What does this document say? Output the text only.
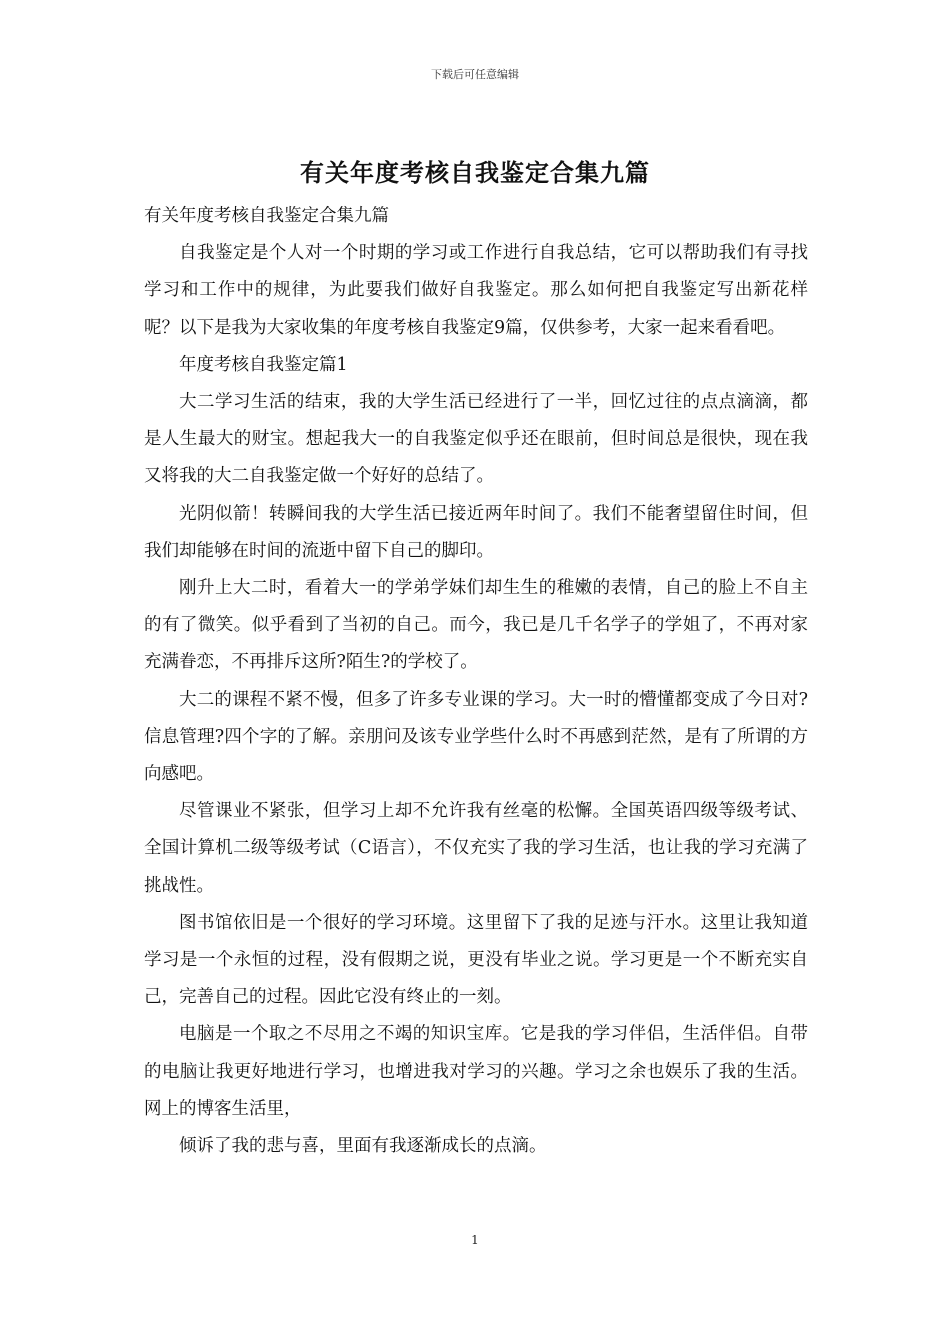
下载后可任意编辑
有关年度考核自我鉴定合集九篇

有关年度考核自我鉴定合集九篇

自我鉴定是个人对一个时期的学习或工作进行自我总结，它可以帮助我们有寻找学习和工作中的规律，为此要我们做好自我鉴定。那么如何把自我鉴定写出新花样呢？以下是我为大家收集的年度考核自我鉴定9篇，仅供参考，大家一起来看看吧。

年度考核自我鉴定篇1

大二学习生活的结束，我的大学生活已经进行了一半，回忆过往的点点滴滴，都是人生最大的财宝。想起我大一的自我鉴定似乎还在眼前，但时间总是很快，现在我又将我的大二自我鉴定做一个好好的总结了。

光阴似箭！转瞬间我的大学生活已接近两年时间了。我们不能奢望留住时间，但我们却能够在时间的流逝中留下自己的脚印。

刚升上大二时，看着大一的学弟学妹们却生生的稚嫩的表情，自己的脸上不自主的有了微笑。似乎看到了当初的自己。而今，我已是几千名学子的学姐了，不再对家充满眷恋，不再排斥这所?陌生?的学校了。

大二的课程不紧不慢，但多了许多专业课的学习。大一时的懵懂都变成了今日对?信息管理?四个字的了解。亲朋问及该专业学些什么时不再感到茫然，是有了所谓的方向感吧。

尽管课业不紧张，但学习上却不允许我有丝毫的松懈。全国英语四级等级考试、全国计算机二级等级考试（C语言），不仅充实了我的学习生活，也让我的学习充满了挑战性。

图书馆依旧是一个很好的学习环境。这里留下了我的足迹与汗水。这里让我知道学习是一个永恒的过程，没有假期之说，更没有毕业之说。学习更是一个不断充实自己，完善自己的过程。因此它没有终止的一刻。

电脑是一个取之不尽用之不竭的知识宝库。它是我的学习伴侣，生活伴侣。自带的电脑让我更好地进行学习，也增进我对学习的兴趣。学习之余也娱乐了我的生活。网上的博客生活里，

倾诉了我的悲与喜，里面有我逐渐成长的点滴。

1
